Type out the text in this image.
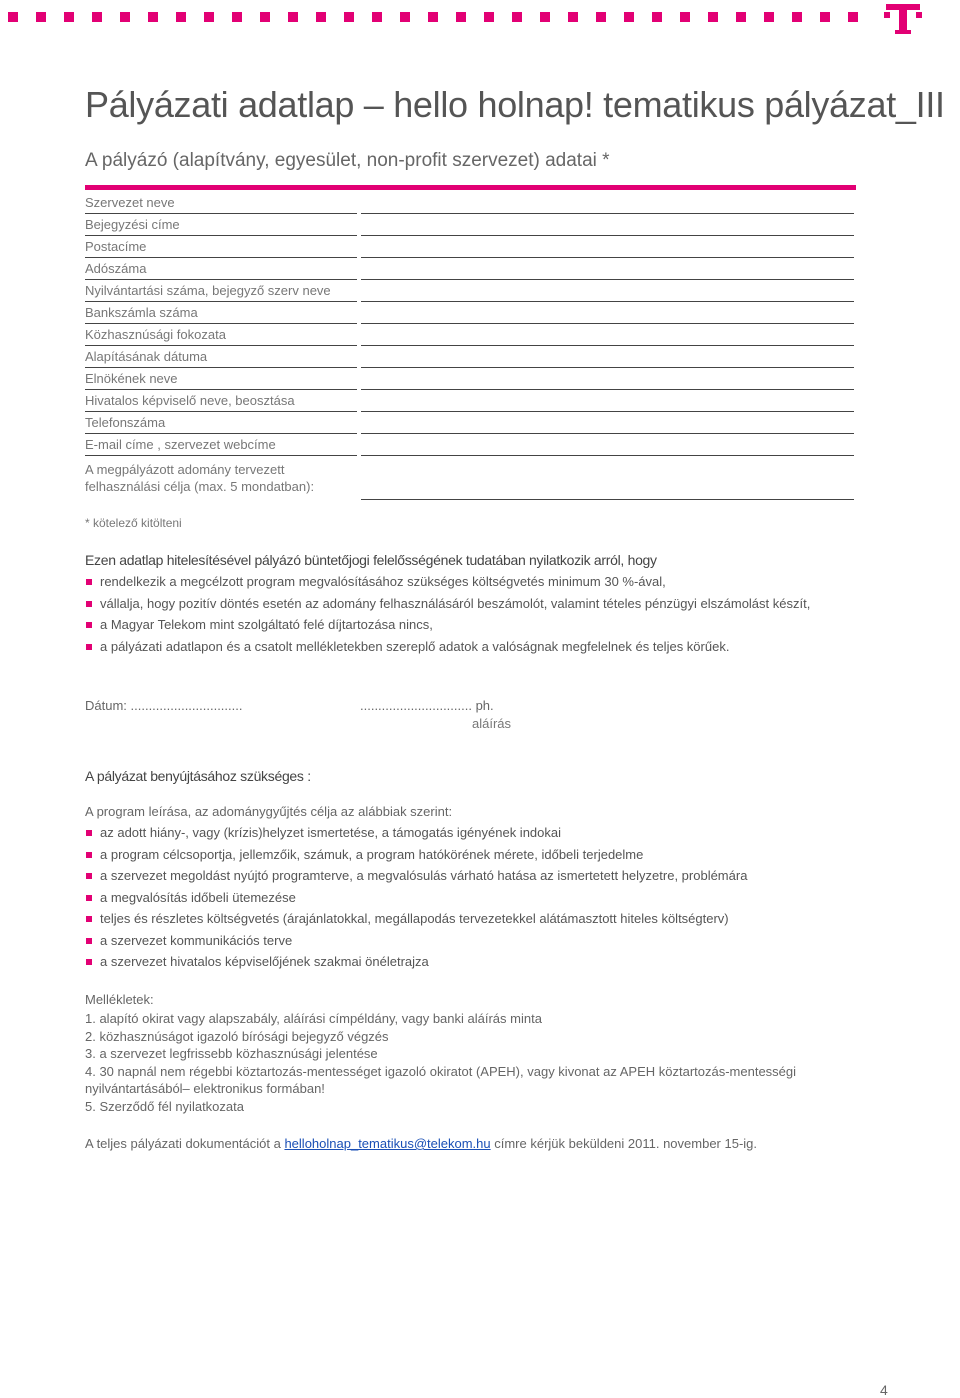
Pályázati adatlap – hello holnap! tematikus pályázat_III
A pályázó (alapítvány, egyesület, non-profit szervezet) adatai *
Szervezet neve
Bejegyzési címe
Postacíme
Adószáma
Nyilvántartási száma, bejegyző szerv neve
Bankszámla száma
Közhasznúsági fokozata
Alapításának dátuma
Elnökének neve
Hivatalos képviselő neve, beosztása
Telefonszáma
E-mail címe , szervezet webcíme
A megpályázott adomány tervezett felhasználási célja (max. 5 mondatban):
* kötelező kitölteni
Ezen adatlap hitelesítésével pályázó büntetőjogi felelősségének tudatában nyilatkozik arról, hogy
rendelkezik a megcélzott program megvalósításához szükséges költségvetés minimum 30 %-ával,
vállalja, hogy pozitív döntés esetén az adomány felhasználásáról beszámolót, valamint tételes pénzügyi elszámolást készít,
a Magyar Telekom mint szolgáltató felé díjtartozása nincs,
a pályázati adatlapon és a csatolt mellékletekben szereplő adatok a valóságnak megfelelnek és teljes körűek.
Dátum: ...............................	............................... ph.
aláírás
A pályázat benyújtásához szükséges :
A program leírása, az adománygyűjtés célja az alábbiak szerint:
az adott hiány-, vagy (krízis)helyzet ismertetése, a támogatás igényének indokai
a program célcsoportja, jellemzőik, számuk, a program hatókörének mérete, időbeli terjedelme
a szervezet megoldást nyújtó programterve, a megvalósulás várható hatása az ismertetett helyzetre, problémára
a megvalósítás időbeli ütemezése
teljes és részletes költségvetés (árajánlatokkal, megállapodás tervezetekkel alátámasztott hiteles költségterv)
a szervezet kommunikációs terve
a szervezet hivatalos képviselőjének szakmai önéletrajza
Mellékletek:
1. alapító okirat vagy alapszabály, aláírási címpéldány, vagy banki aláírás minta
2. közhasznúságot igazoló bírósági bejegyző végzés
3. a szervezet legfrissebb közhasznúsági jelentése
4. 30 napnál nem régebbi köztartozás-mentességet igazoló okiratot (APEH), vagy kivonat az APEH köztartozás-mentességi nyilvántartásából– elektronikus formában!
5. Szerződő fél nyilatkozata
A teljes pályázati dokumentációt a helloholnap_tematikus@telekom.hu címre kérjük beküldeni 2011. november 15-ig.
4
